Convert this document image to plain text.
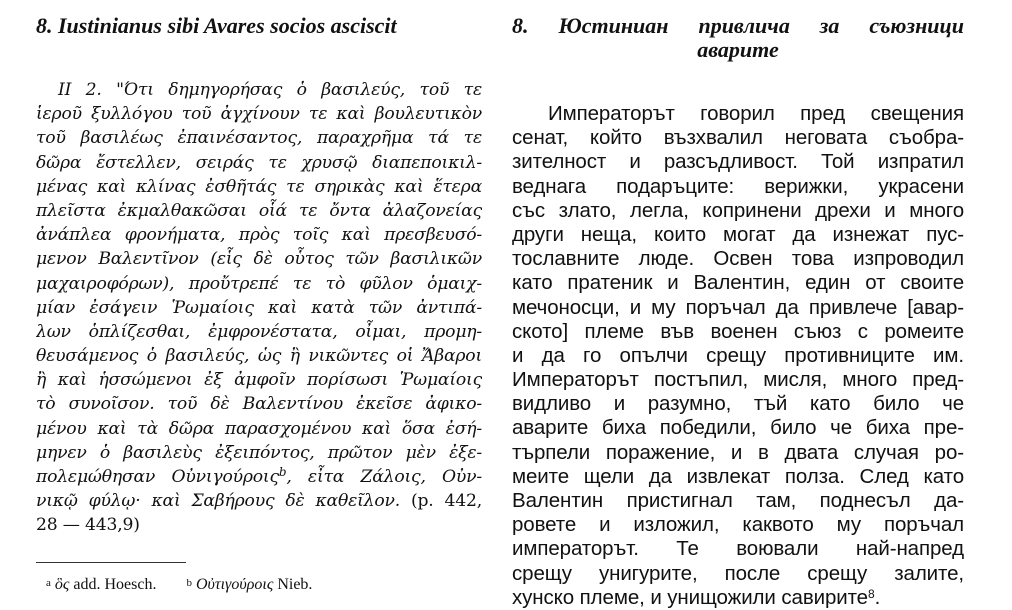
8. Iustinianus sibi Avares socios asciscit
II 2. "Ότι δημηγορήσας ὁ βασιλεύς, τοῦ τε
ἱεροῦ ξυλλόγου τοῦ ἀγχίνουν τε καὶ βουλευτικὸν
τοῦ βασιλέως ἐπαινέσαντος, παραχρῆμα τά τε
δῶρα ἔστελλεν, σειράς τε χρυσῷ διαπεποικιλ-
μένας καὶ κλίνας ἐσθῆτάς τε σηρικὰς καὶ ἕτερα
πλεῖστα ἐκμαλθακῶσαι οἷά τε ὄντα ἀλαζονείας
ἀνάπλεα φρονήματα, πρὸς τοῖς καὶ πρεσβευσό-
μενον Βαλεντῖνον (εἷς δὲ οὗτος τῶν βασιλικῶν
μαχαιροφόρων), προὔτρεπέ τε τὸ φῦλον ὁμαιχ-
μίαν ἐσάγειν Ῥωμαίοις καὶ κατὰ τῶν ἀντιπά-
λων ὁπλίζεσθαι, ἐμφρονέστατα, οἶμαι, προμη-
θευσάμενος ὁ βασιλεύς, ὡς ἢ νικῶντες οἱ Ἄβαροι
ἢ καὶ ἡσσώμενοι ἐξ ἀμφοῖν πορίσωσι Ῥωμαίοις
τὸ συνοῖσον. τοῦ δὲ Βαλεντίνου ἐκεῖσε ἀφικο-
μένου καὶ τὰ δῶρα παρασχομένου καὶ ὅσα ἐσή-
μηνεν ὁ βασιλεὺς ἐξειπόντος, πρῶτον μὲν ἐξε-
πολεμώθησαν Οὐνιγούροις$^b$, εἶτα Ζάλοις, Οὐν-
νικῷ φύλῳ· καὶ Σαβήρους δὲ καθεῖλον. (p. 442,
28 — 443,9)
8. Юстиниан привлича за съюзници
аварите
Императорът говорил пред свещения
сенат, който възхвалил неговата съобра-
зителност и разсъдливост. Той изпратил
веднага подаръците: верижки, украсени
със злато, легла, копринени дрехи и много
други неща, които могат да изнежат пус-
тославните люде. Освен това изпроводил
като пратеник и Валентин, един от своите
мечоносци, и му поръчал да привлече [авар-
ското] племе във военен съюз с ромеите
и да го опълчи срещу противниците им.
Императорът постъпил, мисля, много пред-
видливо и разумно, тъй като било че
аварите биха победили, било че биха пре-
търпели поражение, и в двата случая ро-
меите щели да извлекат полза. След като
Валентин пристигнал там, поднесъл да-
ровете и изложил, каквото му поръчал
императорът. Те воювали най-напред
срещу унигурите, после срещу залите,
хунско племе, и унищожили савирите$^8$.
$^a$ ὃς add. Hoesch.	$^b$ Οὐτιγούροις Nieb.
